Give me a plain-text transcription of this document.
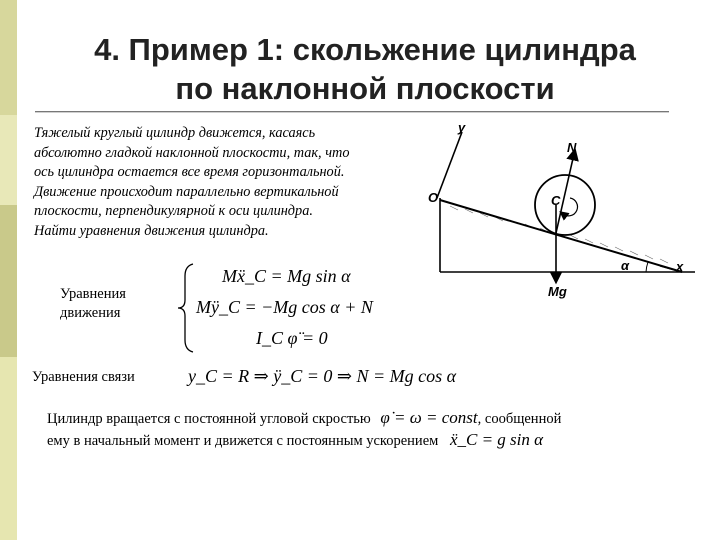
4. Пример 1: скольжение цилиндра
по наклонной плоскости
Тяжелый круглый цилиндр движется, касаясь
абсолютно гладкой наклонной плоскости, так, что
ось цилиндра остается все время горизонтальной.
Движение происходит параллельно вертикальной
плоскости, перпендикулярной к оси цилиндра.
Найти уравнения движения цилиндра.
y
N
C
O
Mg
α	x
Уравнения
движения
Mẍ_C = Mg sin α
Mÿ_C = −Mg cos α + N
I_C φ̈ = 0
Уравнения связи	y_C = R ⇒ ÿ_C = 0 ⇒ N = Mg cos α
Цилиндр вращается с постоянной угловой скростью φ̇ = ω = const, сообщенной
ему в начальный момент и движется с постоянным ускорением ẍ_C = g sin α
